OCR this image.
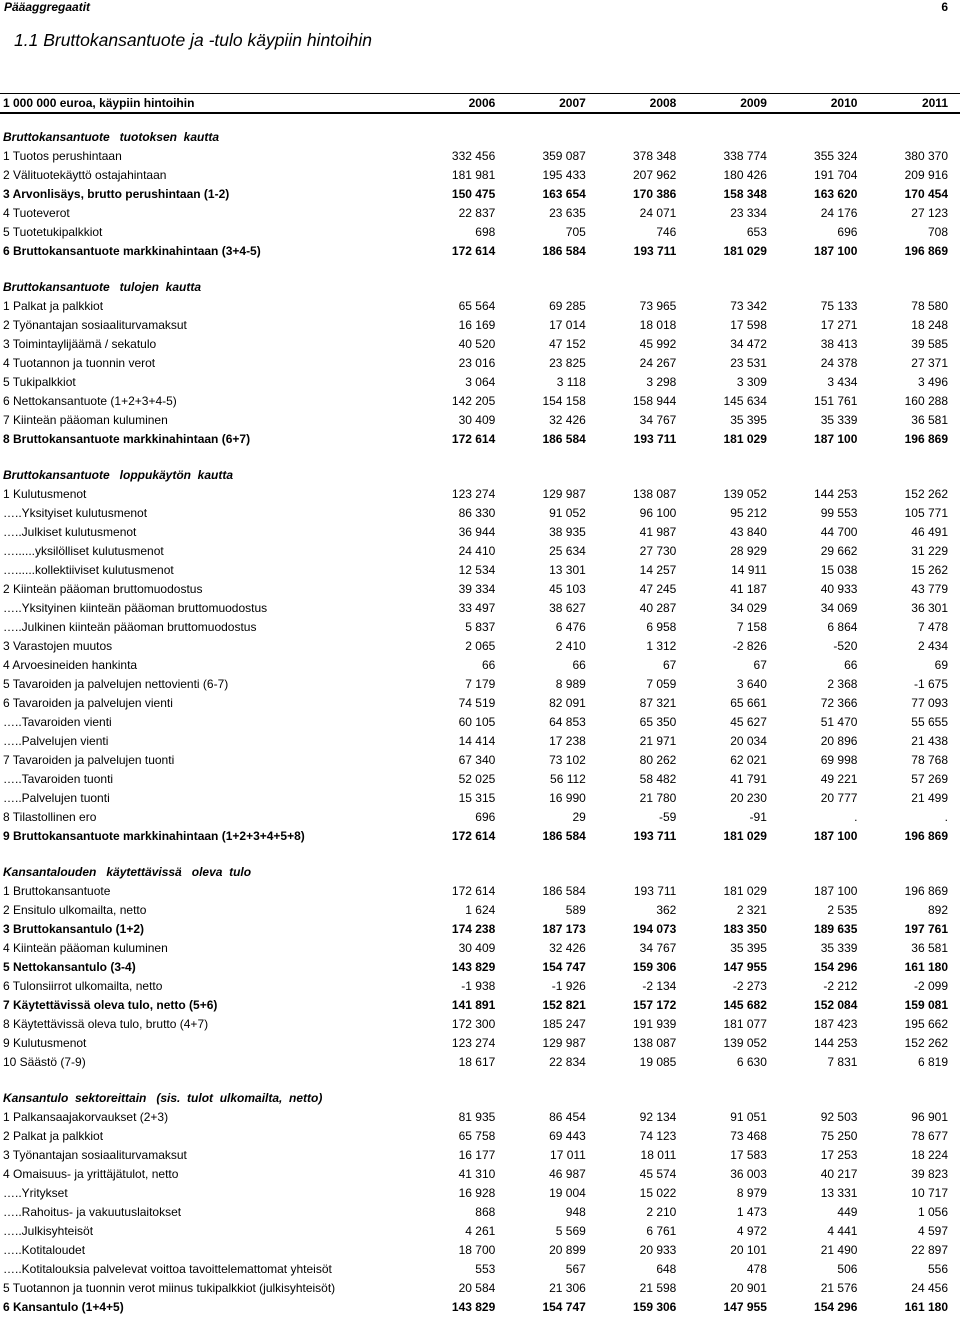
Pääaggregaatit	6
1.1 Bruttokansantuote ja -tulo käypiin hintoihin
1 000 000 euroa, käypiin hintoihin	2006	2007	2008	2009	2010	2011

Bruttokansantuote   tuotoksen  kautta						
1 Tuotos perushintaan	332 456	359 087	378 348	338 774	355 324	380 370
2 Välituotekäyttö ostajahintaan	181 981	195 433	207 962	180 426	191 704	209 916
3 Arvonlisäys, brutto perushintaan (1-2)	150 475	163 654	170 386	158 348	163 620	170 454
4 Tuoteverot	22 837	23 635	24 071	23 334	24 176	27 123
5 Tuotetukipalkkiot	698	705	746	653	696	708
6 Bruttokansantuote markkinahintaan (3+4-5)	172 614	186 584	193 711	181 029	187 100	196 869

Bruttokansantuote   tulojen  kautta						
1 Palkat ja palkkiot	65 564	69 285	73 965	73 342	75 133	78 580
2 Työnantajan sosiaaliturvamaksut	16 169	17 014	18 018	17 598	17 271	18 248
3 Toimintaylijäämä / sekatulo	40 520	47 152	45 992	34 472	38 413	39 585
4 Tuotannon ja tuonnin verot	23 016	23 825	24 267	23 531	24 378	27 371
5 Tukipalkkiot	3 064	3 118	3 298	3 309	3 434	3 496
6 Nettokansantuote (1+2+3+4-5)	142 205	154 158	158 944	145 634	151 761	160 288
7 Kiinteän pääoman kuluminen	30 409	32 426	34 767	35 395	35 339	36 581
8 Bruttokansantuote markkinahintaan (6+7)	172 614	186 584	193 711	181 029	187 100	196 869

Bruttokansantuote   loppukäytön  kautta						
1 Kulutusmenot	123 274	129 987	138 087	139 052	144 253	152 262
…..Yksityiset kulutusmenot	86 330	91 052	96 100	95 212	99 553	105 771
…..Julkiset kulutusmenot	36 944	38 935	41 987	43 840	44 700	46 491
…......yksilölliset kulutusmenot	24 410	25 634	27 730	28 929	29 662	31 229
…......kollektiiviset kulutusmenot	12 534	13 301	14 257	14 911	15 038	15 262
2 Kiinteän pääoman bruttomuodostus	39 334	45 103	47 245	41 187	40 933	43 779
…..Yksityinen kiinteän pääoman bruttomuodostus	33 497	38 627	40 287	34 029	34 069	36 301
…..Julkinen kiinteän pääoman bruttomuodostus	5 837	6 476	6 958	7 158	6 864	7 478
3 Varastojen muutos	2 065	2 410	1 312	-2 826	-520	2 434
4 Arvoesineiden hankinta	66	66	67	67	66	69
5 Tavaroiden ja palvelujen nettovienti (6-7)	7 179	8 989	7 059	3 640	2 368	-1 675
6 Tavaroiden ja palvelujen vienti	74 519	82 091	87 321	65 661	72 366	77 093
…..Tavaroiden vienti	60 105	64 853	65 350	45 627	51 470	55 655
…..Palvelujen vienti	14 414	17 238	21 971	20 034	20 896	21 438
7 Tavaroiden ja palvelujen tuonti	67 340	73 102	80 262	62 021	69 998	78 768
…..Tavaroiden tuonti	52 025	56 112	58 482	41 791	49 221	57 269
…..Palvelujen tuonti	15 315	16 990	21 780	20 230	20 777	21 499
8 Tilastollinen ero	696	29	-59	-91	.	.
9 Bruttokansantuote markkinahintaan (1+2+3+4+5+8)	172 614	186 584	193 711	181 029	187 100	196 869

Kansantalouden   käytettävissä   oleva  tulo						
1 Bruttokansantuote	172 614	186 584	193 711	181 029	187 100	196 869
2 Ensitulo ulkomailta, netto	1 624	589	362	2 321	2 535	892
3 Bruttokansantulo (1+2)	174 238	187 173	194 073	183 350	189 635	197 761
4 Kiinteän pääoman kuluminen	30 409	32 426	34 767	35 395	35 339	36 581
5 Nettokansantulo (3-4)	143 829	154 747	159 306	147 955	154 296	161 180
6 Tulonsiirrot ulkomailta, netto	-1 938	-1 926	-2 134	-2 273	-2 212	-2 099
7 Käytettävissä oleva tulo, netto (5+6)	141 891	152 821	157 172	145 682	152 084	159 081
8 Käytettävissä oleva tulo, brutto (4+7)	172 300	185 247	191 939	181 077	187 423	195 662
9 Kulutusmenot	123 274	129 987	138 087	139 052	144 253	152 262
10 Säästö (7-9)	18 617	22 834	19 085	6 630	7 831	6 819

Kansantulo  sektoreittain   (sis.  tulot  ulkomailta,  netto)						
1 Palkansaajakorvaukset (2+3)	81 935	86 454	92 134	91 051	92 503	96 901
2 Palkat ja palkkiot	65 758	69 443	74 123	73 468	75 250	78 677
3 Työnantajan sosiaaliturvamaksut	16 177	17 011	18 011	17 583	17 253	18 224
4 Omaisuus- ja yrittäjätulot, netto	41 310	46 987	45 574	36 003	40 217	39 823
…..Yritykset	16 928	19 004	15 022	8 979	13 331	10 717
…..Rahoitus- ja vakuutuslaitokset	868	948	2 210	1 473	449	1 056
…..Julkisyhteisöt	4 261	5 569	6 761	4 972	4 441	4 597
…..Kotitaloudet	18 700	20 899	20 933	20 101	21 490	22 897
…..Kotitalouksia palvelevat voittoa tavoittelemattomat yhteisöt	553	567	648	478	506	556
5 Tuotannon ja tuonnin verot miinus tukipalkkiot (julkisyhteisöt)	20 584	21 306	21 598	20 901	21 576	24 456
6 Kansantulo (1+4+5)	143 829	154 747	159 306	147 955	154 296	161 180
